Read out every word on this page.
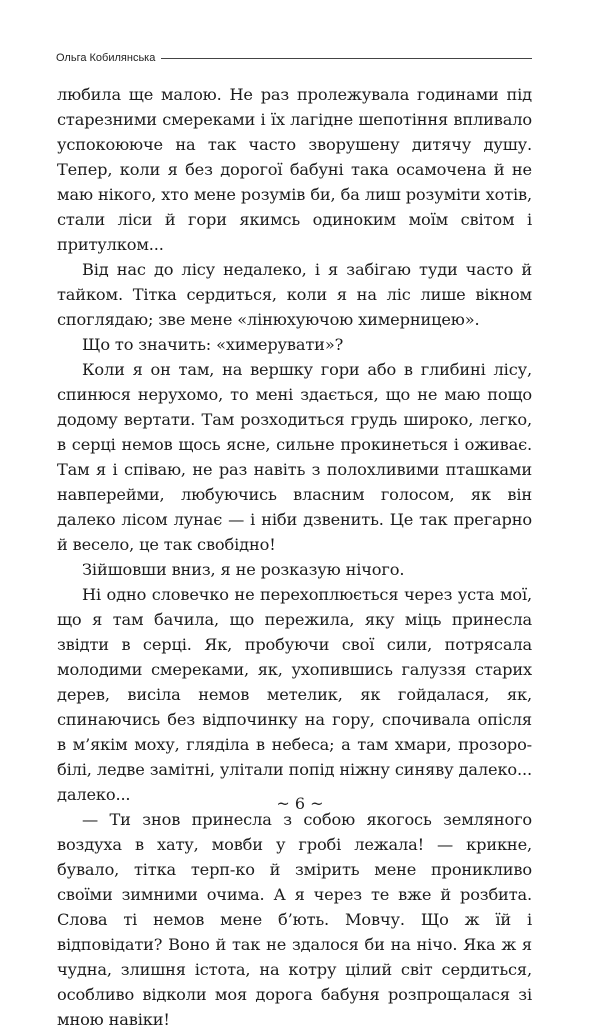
Ольга Кобилянська

любила ще малою. Не раз пролежувала годинами під старезними смереками і їх лагідне шепотіння впливало успокоююче на так часто зворушену дитячу душу. Тепер, коли я без дорогої бабуні така осамочена й не маю нікого, хто мене розумів би, ба лиш розуміти хотів, стали ліси й гори якимсь одиноким моїм світом і притулком...

Від нас до лісу недалеко, і я забігаю туди часто й тайком. Тітка сердиться, коли я на ліс лише вікном споглядаю; зве мене «лінюхуючою химерницею».

Що то значить: «химерувати»?

Коли я он там, на вершку гори або в глибині лісу, спинюся нерухомо, то мені здається, що не маю пощо додому вертати. Там розходиться грудь широко, легко, в серці немов щось ясне, сильне прокинеться і оживає. Там я і співаю, не раз навіть з полохливими пташками навперейми, любуючись власним голосом, як він далеко лісом лунає — і ніби дзвенить. Це так прегарно й весело, це так свобідно!

Зійшовши вниз, я не розказую нічого.

Ні одно словечко не перехоплюється через уста мої, що я там бачила, що пережила, яку міць принесла звідти в серці. Як, пробуючи свої сили, потрясала молодими смереками, як, ухопившись галуззя старих дерев, висіла немов метелик, як гойдалася, як, спинаючись без відпочинку на гору, спочивала опісля в м’якім моху, гляділа в небеса; а там хмари, прозоро-білі, ледве замітні, улітали попід ніжну синяву далеко... далеко...

— Ти знов принесла з собою якогось земляного воздуха в хату, мовби у гробі лежала! — крикне, бувало, тітка терп-ко й змірить мене проникливо своїми зимними очима. А я через те вже й розбита. Слова ті немов мене б’ють. Мовчу. Що ж їй і відповідати? Воно й так не здалося би на нічо. Яка ж я чудна, злишня істота, на котру цілий світ сердиться, особливо відколи моя дорога бабуня розпрощалася зі мною навіки!

~ 6 ~
